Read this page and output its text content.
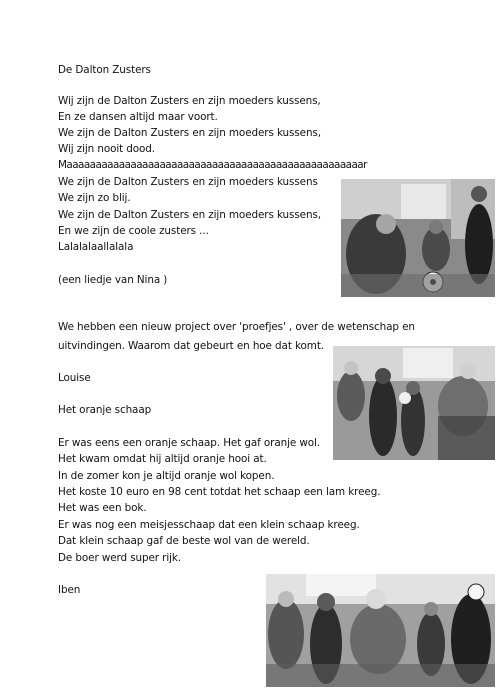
De Dalton Zusters
Wij zijn de Dalton Zusters en zijn moeders kussens,
En ze dansen altijd maar voort.
We zijn de Dalton Zusters en zijn moeders kussens,
Wij zijn nooit dood.
Maaaaaaaaaaaaaaaaaaaaaaaaaaaaaaaaaaaaaaaaaaaaaaaaaaar
We zijn de Dalton Zusters en zijn moeders kussens
We zijn zo blij.
We zijn de Dalton Zusters en zijn moeders kussens,
En we zijn de coole zusters ...
Lalalalaallalala
(een liedje van Nina )
We hebben een nieuw project over 'proefjes' , over de wetenschap en
uitvindingen. Waarom dat gebeurt en hoe dat komt.
Louise
Het oranje schaap
Er was eens een oranje schaap. Het gaf oranje wol.
Het kwam omdat hij altijd oranje hooi at.
In de zomer kon je altijd oranje wol kopen.
Het koste 10 euro en 98 cent totdat het schaap een lam kreeg.
Het was een bok.
Er was nog een meisjesschaap dat een klein schaap kreeg.
Dat klein schaap gaf de beste wol van de wereld.
De boer werd super rijk.
Iben
